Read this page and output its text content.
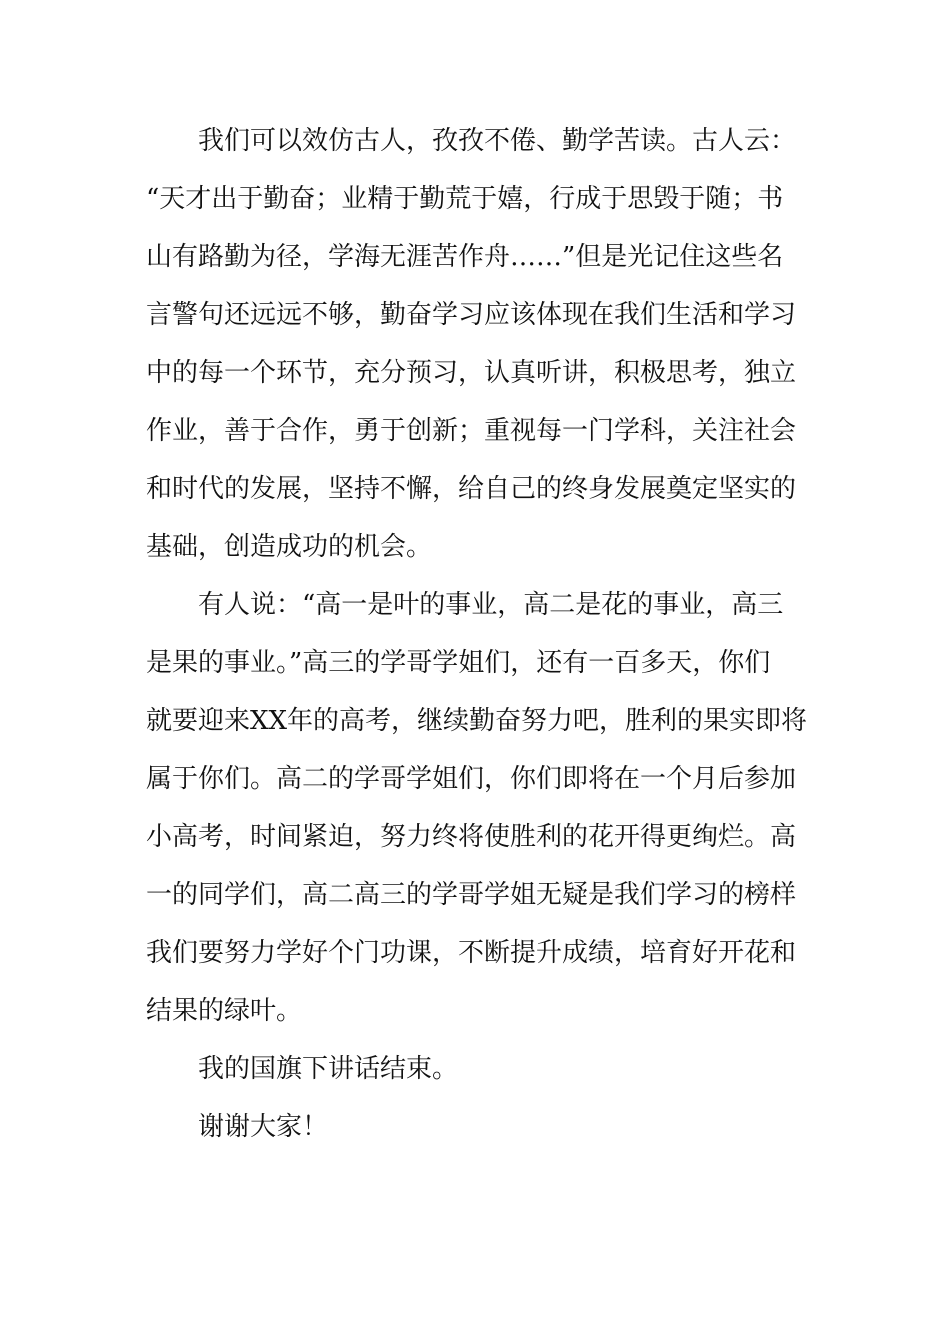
我们可以效仿古人，孜孜不倦、勤学苦读。古人云：

“天才出于勤奋；业精于勤荒于嬉，行成于思毁于随；书

山有路勤为径，学海无涯苦作舟……”但是光记住这些名

言警句还远远不够，勤奋学习应该体现在我们生活和学习

中的每一个环节，充分预习，认真听讲，积极思考，独立

作业，善于合作，勇于创新；重视每一门学科，关注社会

和时代的发展，坚持不懈，给自己的终身发展奠定坚实的

基础，创造成功的机会。

有人说：“高一是叶的事业，高二是花的事业，高三

是果的事业。”高三的学哥学姐们，还有一百多天，你们

就要迎来XX年的高考，继续勤奋努力吧，胜利的果实即将

属于你们。高二的学哥学姐们，你们即将在一个月后参加

小高考，时间紧迫，努力终将使胜利的花开得更绚烂。高

一的同学们，高二高三的学哥学姐无疑是我们学习的榜样

我们要努力学好个门功课，不断提升成绩，培育好开花和

结果的绿叶。

我的国旗下讲话结束。

谢谢大家！
